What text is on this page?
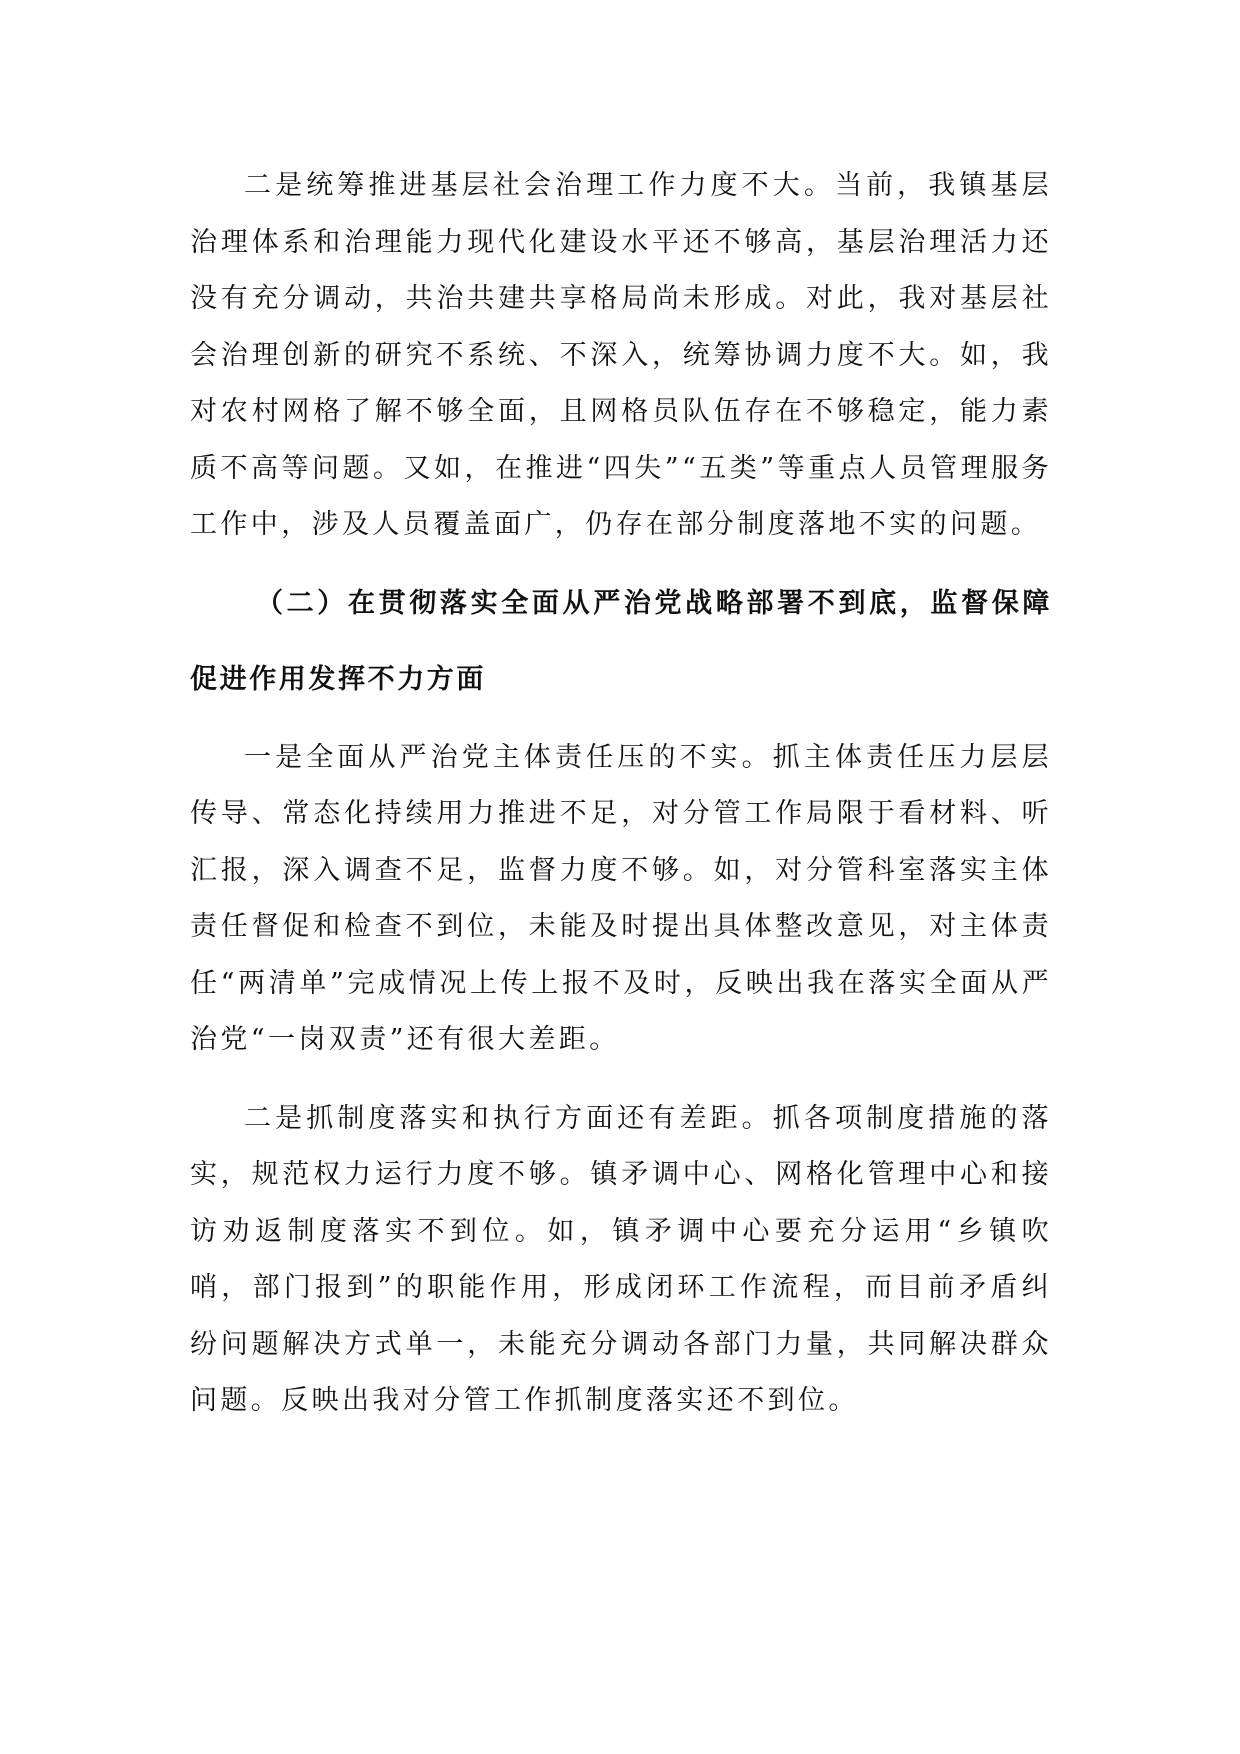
二是统筹推进基层社会治理工作力度不大。当前，我镇基层治理体系和治理能力现代化建设水平还不够高，基层治理活力还没有充分调动，共治共建共享格局尚未形成。对此，我对基层社会治理创新的研究不系统、不深入，统筹协调力度不大。如，我对农村网格了解不够全面，且网格员队伍存在不够稳定，能力素质不高等问题。又如，在推进“四失”“五类”等重点人员管理服务工作中，涉及人员覆盖面广，仍存在部分制度落地不实的问题。

（二）在贯彻落实全面从严治党战略部署不到底，监督保障促进作用发挥不力方面

一是全面从严治党主体责任压的不实。抓主体责任压力层层传导、常态化持续用力推进不足，对分管工作局限于看材料、听汇报，深入调查不足，监督力度不够。如，对分管科室落实主体责任督促和检查不到位，未能及时提出具体整改意见，对主体责任“两清单”完成情况上传上报不及时，反映出我在落实全面从严治党“一岗双责”还有很大差距。

二是抓制度落实和执行方面还有差距。抓各项制度措施的落实，规范权力运行力度不够。镇矛调中心、网格化管理中心和接访劝返制度落实不到位。如，镇矛调中心要充分运用“乡镇吹哨，部门报到”的职能作用，形成闭环工作流程，而目前矛盾纠纷问题解决方式单一，未能充分调动各部门力量，共同解决群众问题。反映出我对分管工作抓制度落实还不到位。
